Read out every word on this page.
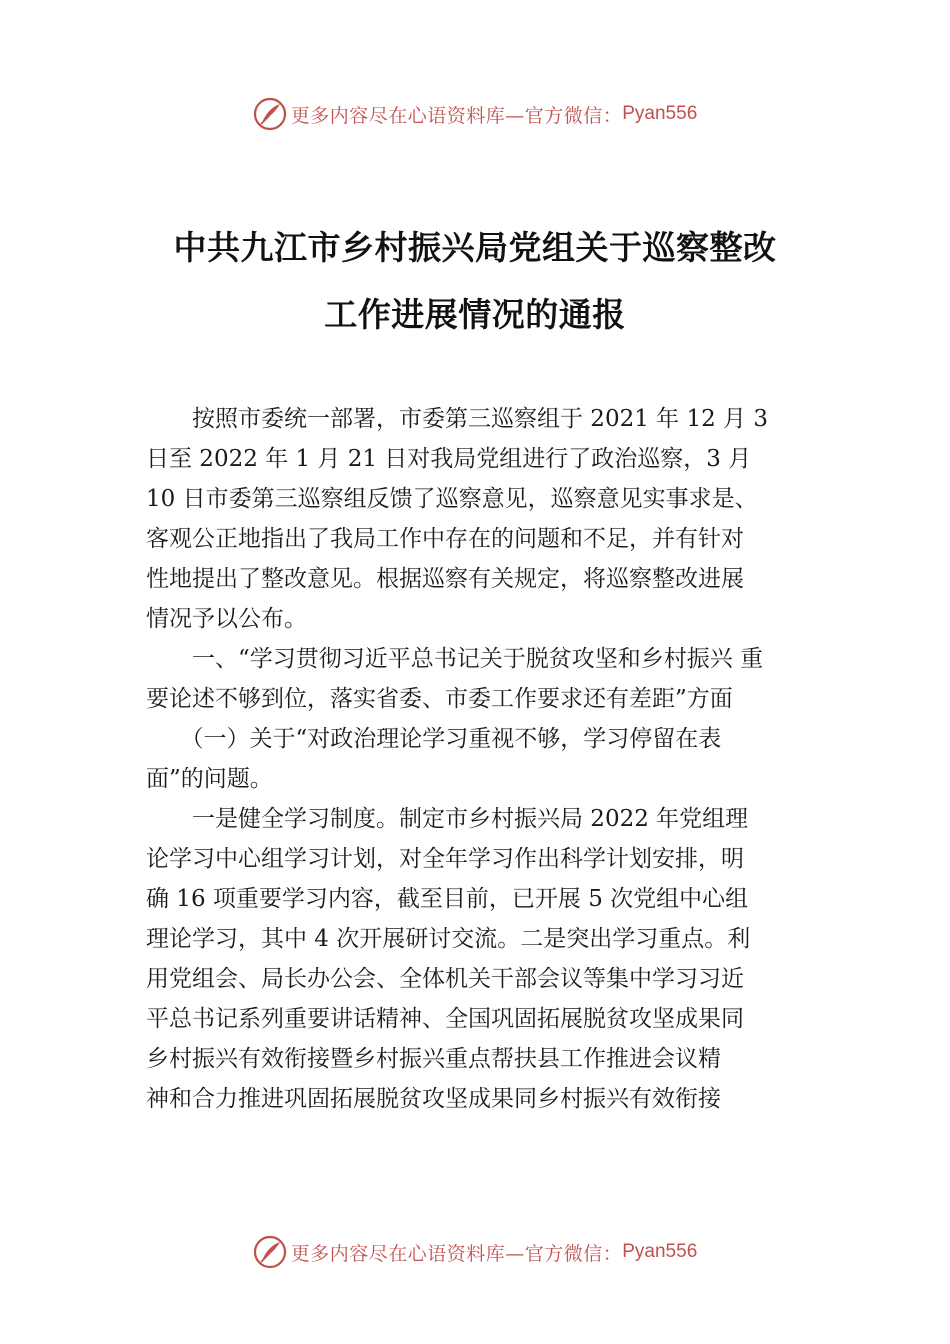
更多内容尽在心语资料库—官方微信： Pyan556
中共九江市乡村振兴局党组关于巡察整改
工作进展情况的通报
　　按照市委统一部署，市委第三巡察组于 2021 年 12 月 3
日至 2022 年 1 月 21 日对我局党组进行了政治巡察，3 月
10 日市委第三巡察组反馈了巡察意见，巡察意见实事求是、
客观公正地指出了我局工作中存在的问题和不足，并有针对
性地提出了整改意见。根据巡察有关规定，将巡察整改进展
情况予以公布。
　　一、“学习贯彻习近平总书记关于脱贫攻坚和乡村振兴 重
要论述不够到位，落实省委、市委工作要求还有差距”方面
　　（一）关于“对政治理论学习重视不够，学习停留在表
面”的问题。
　　一是健全学习制度。制定市乡村振兴局 2022 年党组理
论学习中心组学习计划，对全年学习作出科学计划安排，明
确 16 项重要学习内容，截至目前，已开展 5 次党组中心组
理论学习，其中 4 次开展研讨交流。二是突出学习重点。利
用党组会、局长办公会、全体机关干部会议等集中学习习近
平总书记系列重要讲话精神、全国巩固拓展脱贫攻坚成果同
乡村振兴有效衔接暨乡村振兴重点帮扶县工作推进会议精
神和合力推进巩固拓展脱贫攻坚成果同乡村振兴有效衔接
更多内容尽在心语资料库—官方微信： Pyan556
